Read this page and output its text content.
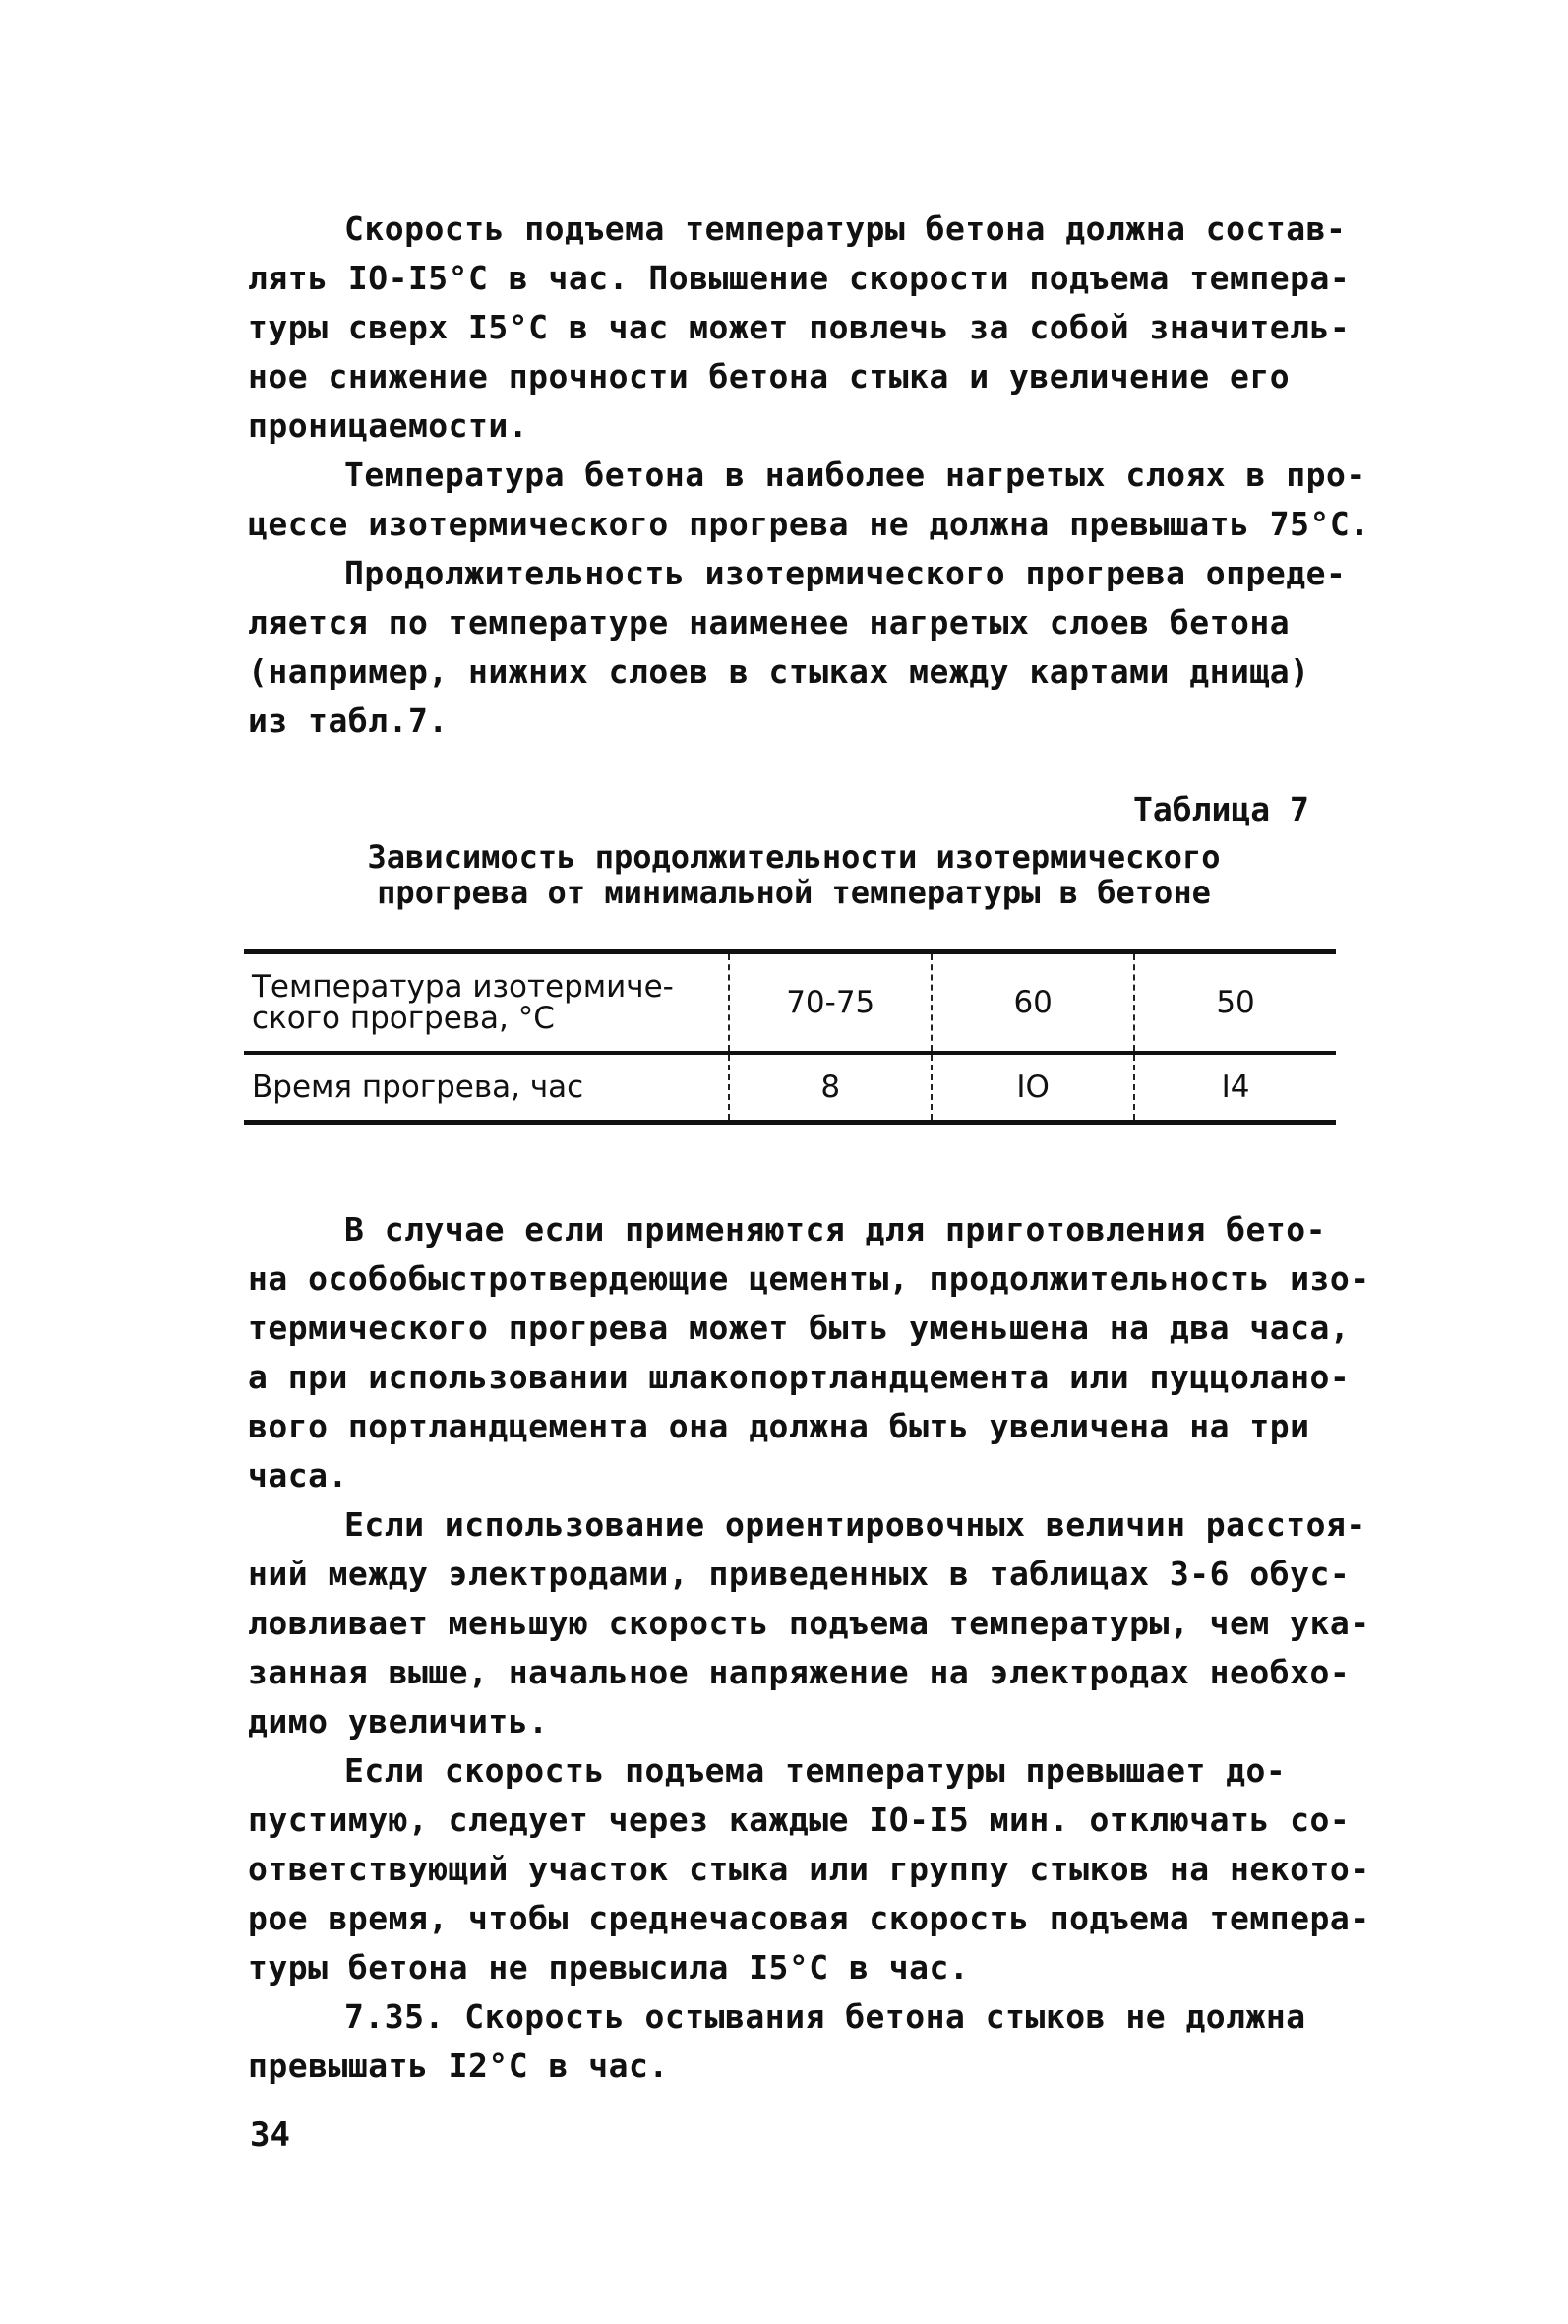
Скорость подъема температуры бетона должна состав-
лять IO-I5°C в час. Повышение скорости подъема темпера-
туры сверх I5°C в час может повлечь за собой значитель-
ное снижение прочности бетона стыка и увеличение его
проницаемости.
Температура бетона в наиболее нагретых слоях в про-
цессе изотермического прогрева не должна превышать 75°C.
Продолжительность изотермического прогрева опреде-
ляется по температуре наименее нагретых слоев бетона
(например, нижних слоев в стыках между картами днища)
из табл.7.
Таблица 7
Зависимость продолжительности изотермического
прогрева от минимальной температуры в бетоне
Температура изотермиче-
ского прогрева, °C	70-75	60	50
Время прогрева, час	8	IO	I4
В случае если применяются для приготовления бето-
на особобыстротвердеющие цементы, продолжительность изо-
термического прогрева может быть уменьшена на два часа,
а при использовании шлакопортландцемента или пуццолано-
вого портландцемента она должна быть увеличена на три
часа.
Если использование ориентировочных величин расстоя-
ний между электродами, приведенных в таблицах 3-6 обус-
ловливает меньшую скорость подъема температуры, чем ука-
занная выше, начальное напряжение на электродах необхо-
димо увеличить.
Если скорость подъема температуры превышает до-
пустимую, следует через каждые IO-I5 мин. отключать со-
ответствующий участок стыка или группу стыков на некото-
рое время, чтобы среднечасовая скорость подъема темпера-
туры бетона не превысила I5°C в час.
7.35. Скорость остывания бетона стыков не должна
превышать I2°C в час.
34
